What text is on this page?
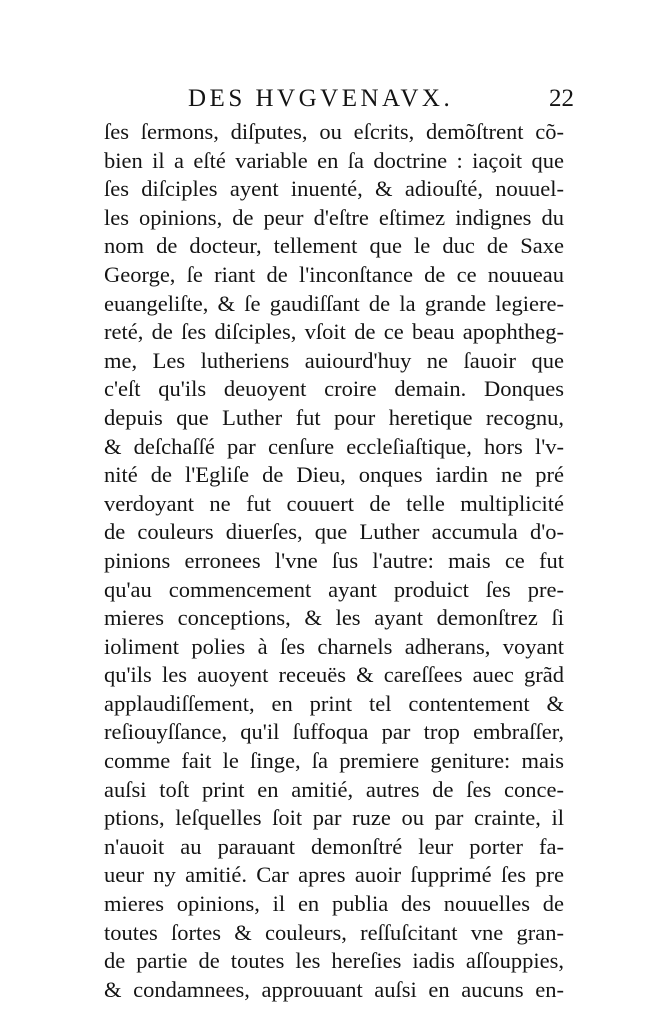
DES HVGVENAVX.	22
ſes ſermons, diſputes, ou eſcrits, demõſtrent cõ-
bien il a eſté variable en ſa doctrine : iaçoit que
ſes diſciples ayent inuenté, & adiouſté, nouuel-
les opinions, de peur d'eſtre eſtimez indignes du
nom de docteur, tellement que le duc de Saxe
George, ſe riant de l'inconſtance de ce nouueau
euangeliſte, & ſe gaudiſſant de la grande legiere-
reté, de ſes diſciples, vſoit de ce beau apophtheg-
me, Les lutheriens auiourd'huy ne ſauoir que
c'eſt qu'ils deuoyent croire demain. Donques
depuis que Luther fut pour heretique recognu,
& deſchaſſé par cenſure eccleſiaſtique, hors l'v-
nité de l'Egliſe de Dieu, onques iardin ne pré
verdoyant ne fut couuert de telle multiplicité
de couleurs diuerſes, que Luther accumula d'o-
pinions erronees l'vne ſus l'autre: mais ce fut
qu'au commencement ayant produict ſes pre-
mieres conceptions, & les ayant demonſtrez ſi
ioliment polies à ſes charnels adherans, voyant
qu'ils les auoyent receuës & careſſees auec grãd
applaudiſſement, en print tel contentement &
reſiouyſſance, qu'il ſuffoqua par trop embraſſer,
comme fait le ſinge, ſa premiere geniture: mais
auſsi toſt print en amitié, autres de ſes conce-
ptions, leſquelles ſoit par ruze ou par crainte, il
n'auoit au parauant demonſtré leur porter fa-
ueur ny amitié. Car apres auoir ſupprimé ſes pre
mieres opinions, il en publia des nouuelles de
toutes ſortes & couleurs, reſſuſcitant vne gran-
de partie de toutes les hereſies iadis aſſouppies,
& condamnees, approuuant auſsi en aucuns en-
